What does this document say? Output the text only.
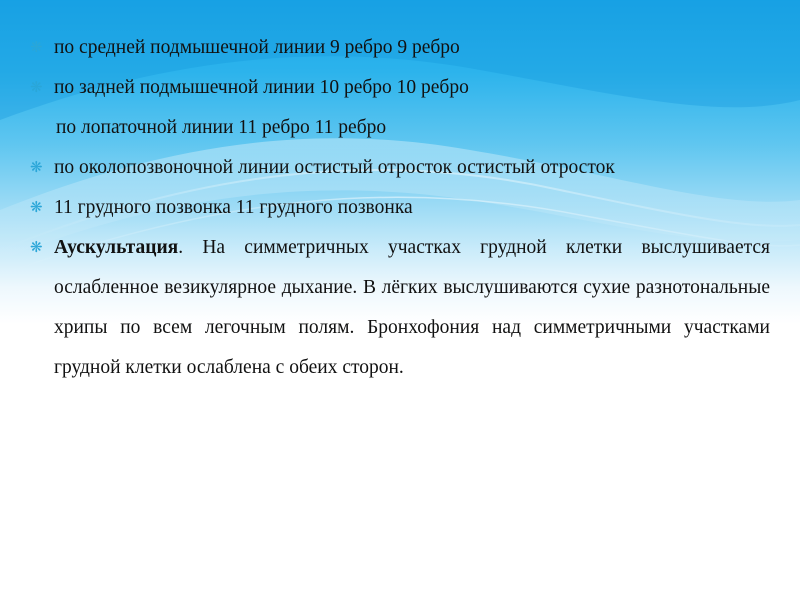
❋ по средней подмышечной линии 9 ребро 9 ребро
❋ по задней подмышечной линии 10 ребро 10 ребро
по лопаточной линии 11 ребро 11 ребро
❋ по околопозвоночной линии остистый отросток остистый отросток
❋ 11 грудного позвонка 11 грудного позвонка
❋ Аускультация. На симметричных участках грудной клетки выслушивается ослабленное везикулярное дыхание. В лёгких выслушиваются сухие разнотональные хрипы по всем легочным полям. Бронхофония над симметричными участками грудной клетки ослаблена с обеих сторон.
